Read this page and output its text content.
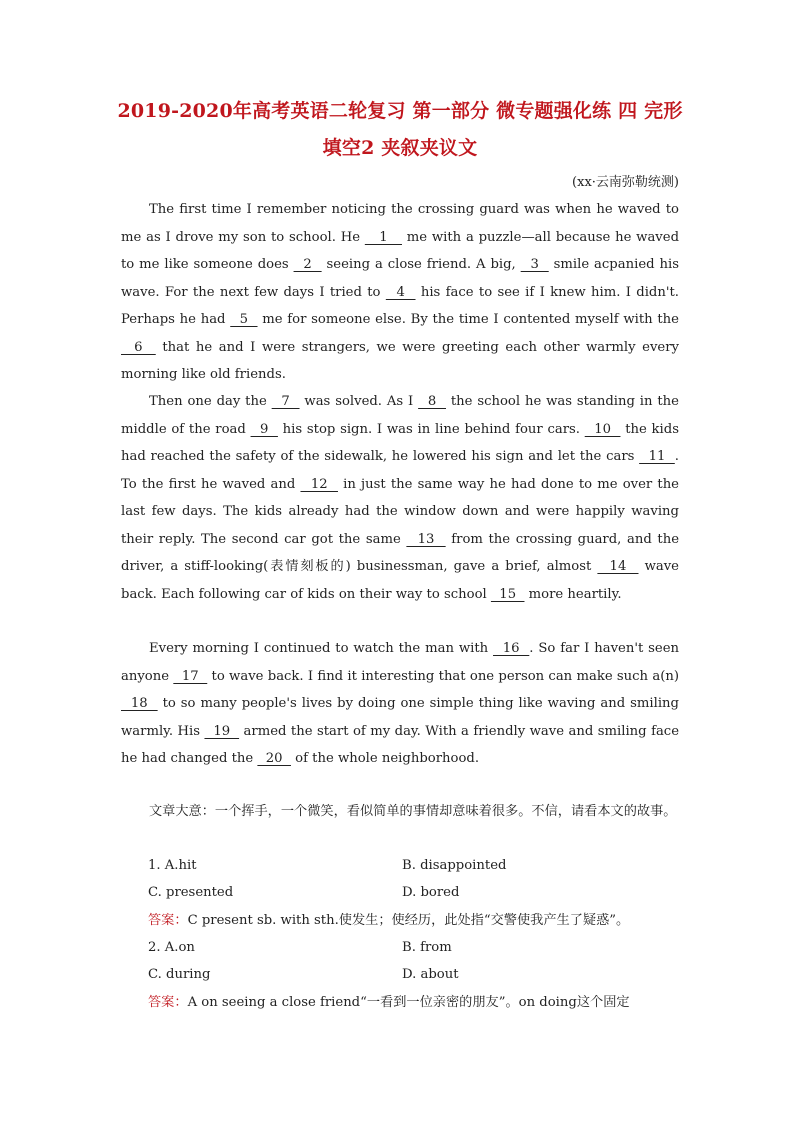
2019-2020年高考英语二轮复习 第一部分 微专题强化练 四 完形
填空2 夹叙夹议文
(xx·云南弥勒统测)
The first time I remember noticing the crossing guard was when he waved to me as I drove my son to school. He    1    me with a puzzle—all because he waved to me like someone does   2   seeing a close friend. A big,   3   smile acpanied his wave. For the next few days I tried to   4   his face to see if I knew him. I didn't. Perhaps he had   5   me for someone else. By the time I contented myself with the   6   that he and I were strangers, we were greeting each other warmly every morning like old friends.
Then one day the   7   was solved. As I   8   the school he was standing in the middle of the road   9   his stop sign. I was in line behind four cars.   10   the kids had reached the safety of the sidewalk, he lowered his sign and let the cars   11  . To the first he waved and   12   in just the same way he had done to me over the last few days. The kids already had the window down and were happily waving their reply. The second car got the same   13   from the crossing guard, and the driver, a stiff-looking(表情刻板的) businessman, gave a brief, almost   14   wave back. Each following car of kids on their way to school   15   more heartily.
Every morning I continued to watch the man with   16  . So far I haven't seen anyone   17   to wave back. I find it interesting that one person can make such a(n)  18   to so many people's lives by doing one simple thing like waving and smiling warmly. His   19   armed the start of my day. With a friendly wave and smiling face he had changed the   20   of the whole neighborhood.
文章大意：一个挥手，一个微笑，看似简单的事情却意味着很多。不信，请看本文的故事。
1. A.hit	B. disappointed
C. presented	D. bored
答案：C present sb. with sth.使发生；使经历，此处指“交警使我产生了疑惑”。
2. A.on	B. from
C. during	D. about
答案：A on seeing a close friend“一看到一位亲密的朋友”。on doing这个固定
